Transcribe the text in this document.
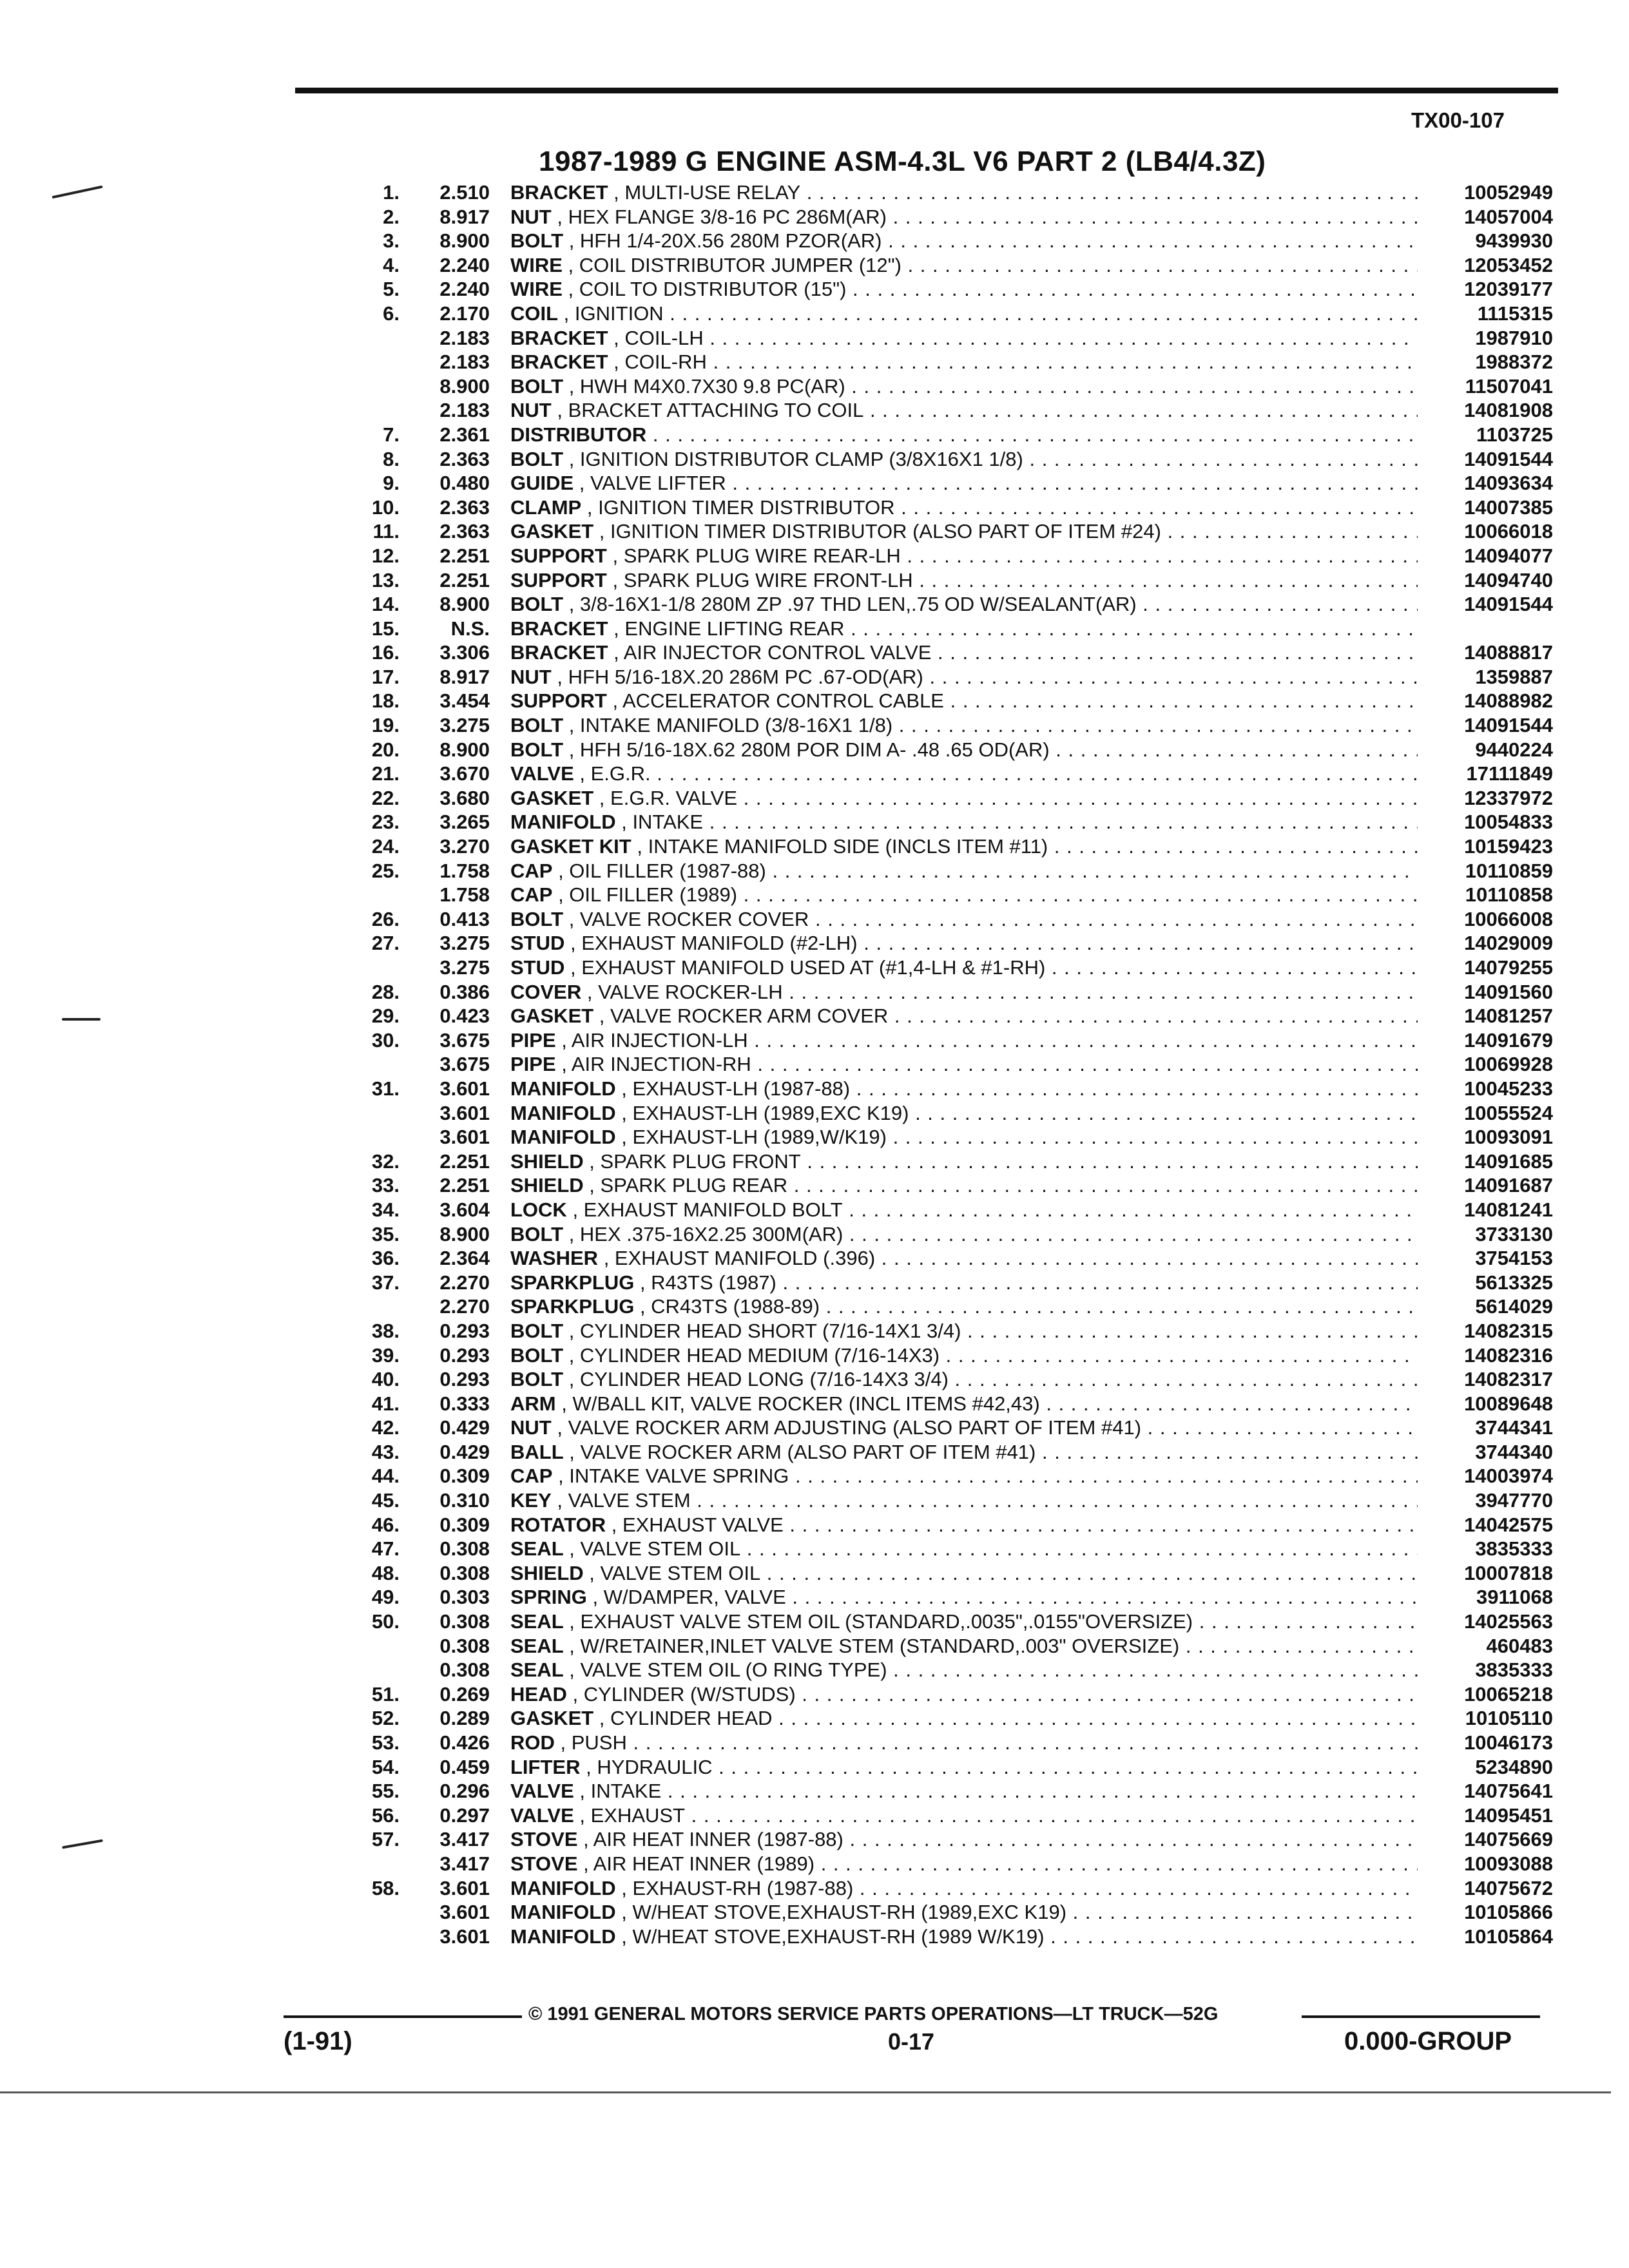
TX00-107
1987-1989 G ENGINE ASM-4.3L V6 PART 2 (LB4/4.3Z)
1.	2.510 BRACKET , MULTI-USE RELAY . . .	10052949
2.	8.917 NUT , HEX FLANGE 3/8-16 PC 286M(AR) . . .	14057004
3.	8.900 BOLT , HFH 1/4-20X.56 280M PZOR(AR) . . .	9439930
4.	2.240 WIRE , COIL DISTRIBUTOR JUMPER (12") . . .	12053452
5.	2.240 WIRE , COIL TO DISTRIBUTOR (15") . . .	12039177
6.	2.170 COIL , IGNITION . . .	1115315
2.183 BRACKET , COIL-LH . . .	1987910
2.183 BRACKET , COIL-RH . . .	1988372
8.900 BOLT , HWH M4X0.7X30 9.8 PC(AR) . . .	11507041
2.183 NUT , BRACKET ATTACHING TO COIL . . .	14081908
7.	2.361 DISTRIBUTOR . . .	1103725
8.	2.363 BOLT , IGNITION DISTRIBUTOR CLAMP (3/8X16X1 1/8) . . .	14091544
9.	0.480 GUIDE , VALVE LIFTER . . .	14093634
10.	2.363 CLAMP , IGNITION TIMER DISTRIBUTOR . . .	14007385
11.	2.363 GASKET , IGNITION TIMER DISTRIBUTOR (ALSO PART OF ITEM #24) . . .	10066018
12.	2.251 SUPPORT , SPARK PLUG WIRE REAR-LH . . .	14094077
13.	2.251 SUPPORT , SPARK PLUG WIRE FRONT-LH . . .	14094740
14.	8.900 BOLT , 3/8-16X1-1/8 280M ZP .97 THD LEN,.75 OD W/SEALANT(AR) . . .	14091544
15.	N.S. BRACKET , ENGINE LIFTING REAR . . .
16.	3.306 BRACKET , AIR INJECTOR CONTROL VALVE . . .	14088817
17.	8.917 NUT , HFH 5/16-18X.20 286M PC .67-OD(AR) . . .	1359887
18.	3.454 SUPPORT , ACCELERATOR CONTROL CABLE . . .	14088982
19.	3.275 BOLT , INTAKE MANIFOLD (3/8-16X1 1/8) . . .	14091544
20.	8.900 BOLT , HFH 5/16-18X.62 280M POR DIM A- .48 .65 OD(AR) . . .	9440224
21.	3.670 VALVE , E.G.R. . . .	17111849
22.	3.680 GASKET , E.G.R. VALVE . . .	12337972
23.	3.265 MANIFOLD , INTAKE . . .	10054833
24.	3.270 GASKET KIT , INTAKE MANIFOLD SIDE (INCLS ITEM #11) . . .	10159423
25.	1.758 CAP , OIL FILLER (1987-88) . . .	10110859
1.758 CAP , OIL FILLER (1989) . . .	10110858
26.	0.413 BOLT , VALVE ROCKER COVER . . .	10066008
27.	3.275 STUD , EXHAUST MANIFOLD (#2-LH) . . .	14029009
3.275 STUD , EXHAUST MANIFOLD USED AT (#1,4-LH & #1-RH) . . .	14079255
28.	0.386 COVER , VALVE ROCKER-LH . . .	14091560
29.	0.423 GASKET , VALVE ROCKER ARM COVER . . .	14081257
30.	3.675 PIPE , AIR INJECTION-LH . . .	14091679
3.675 PIPE , AIR INJECTION-RH . . .	10069928
31.	3.601 MANIFOLD , EXHAUST-LH (1987-88) . . .	10045233
3.601 MANIFOLD , EXHAUST-LH (1989,EXC K19) . . .	10055524
3.601 MANIFOLD , EXHAUST-LH (1989,W/K19) . . .	10093091
32.	2.251 SHIELD , SPARK PLUG FRONT . . .	14091685
33.	2.251 SHIELD , SPARK PLUG REAR . . .	14091687
34.	3.604 LOCK , EXHAUST MANIFOLD BOLT . . .	14081241
35.	8.900 BOLT , HEX .375-16X2.25 300M(AR) . . .	3733130
36.	2.364 WASHER , EXHAUST MANIFOLD (.396) . . .	3754153
37.	2.270 SPARKPLUG , R43TS (1987) . . .	5613325
2.270 SPARKPLUG , CR43TS (1988-89) . . .	5614029
38.	0.293 BOLT , CYLINDER HEAD SHORT (7/16-14X1 3/4) . . .	14082315
39.	0.293 BOLT , CYLINDER HEAD MEDIUM (7/16-14X3) . . .	14082316
40.	0.293 BOLT , CYLINDER HEAD LONG (7/16-14X3 3/4) . . .	14082317
41.	0.333 ARM , W/BALL KIT, VALVE ROCKER (INCL ITEMS #42,43) . . .	10089648
42.	0.429 NUT , VALVE ROCKER ARM ADJUSTING (ALSO PART OF ITEM #41) . . .	3744341
43.	0.429 BALL , VALVE ROCKER ARM (ALSO PART OF ITEM #41) . . .	3744340
44.	0.309 CAP , INTAKE VALVE SPRING . . .	14003974
45.	0.310 KEY , VALVE STEM . . .	3947770
46.	0.309 ROTATOR , EXHAUST VALVE . . .	14042575
47.	0.308 SEAL , VALVE STEM OIL . . .	3835333
48.	0.308 SHIELD , VALVE STEM OIL . . .	10007818
49.	0.303 SPRING , W/DAMPER, VALVE . . .	3911068
50.	0.308 SEAL , EXHAUST VALVE STEM OIL (STANDARD,.0035",.0155"OVERSIZE) . . .	14025563
0.308 SEAL , W/RETAINER,INLET VALVE STEM (STANDARD,.003" OVERSIZE) . . .	460483
0.308 SEAL , VALVE STEM OIL (O RING TYPE) . . .	3835333
51.	0.269 HEAD , CYLINDER (W/STUDS) . . .	10065218
52.	0.289 GASKET , CYLINDER HEAD . . .	10105110
53.	0.426 ROD , PUSH . . .	10046173
54.	0.459 LIFTER , HYDRAULIC . . .	5234890
55.	0.296 VALVE , INTAKE . . .	14075641
56.	0.297 VALVE , EXHAUST . . .	14095451
57.	3.417 STOVE , AIR HEAT INNER (1987-88) . . .	14075669
3.417 STOVE , AIR HEAT INNER (1989) . . .	10093088
58.	3.601 MANIFOLD , EXHAUST-RH (1987-88) . . .	14075672
3.601 MANIFOLD , W/HEAT STOVE,EXHAUST-RH (1989,EXC K19) . . .	10105866
3.601 MANIFOLD , W/HEAT STOVE,EXHAUST-RH (1989 W/K19) . . .	10105864
© 1991 GENERAL MOTORS SERVICE PARTS OPERATIONS—LT TRUCK—52G
(1-91)	0-17	0.000-GROUP
